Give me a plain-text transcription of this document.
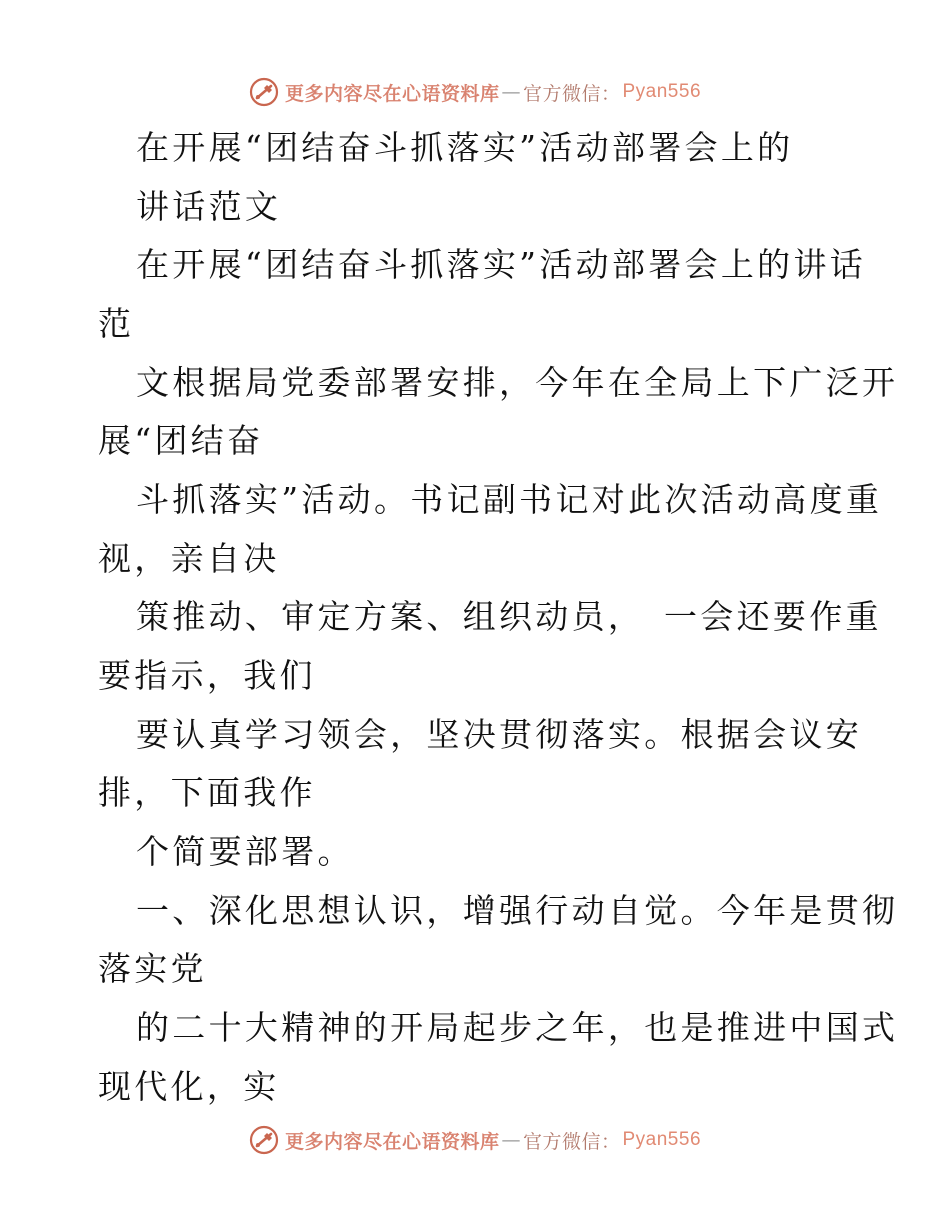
更多内容尽在心语资料库 — 官方微信： Pyan556
在开展“团结奋斗抓落实”活动部署会上的
讲话范文
在开展“团结奋斗抓落实”活动部署会上的讲话
范
文根据局党委部署安排，今年在全局上下广泛开
展“团结奋
斗抓落实”活动。书记副书记对此次活动高度重
视，亲自决
策推动、审定方案、组织动员，　一会还要作重
要指示，我们
要认真学习领会，坚决贯彻落实。根据会议安
排，下面我作
个简要部署。
一、深化思想认识，增强行动自觉。今年是贯彻
落实党
的二十大精神的开局起步之年，也是推进中国式
现代化，实
更多内容尽在心语资料库 — 官方微信： Pyan556
